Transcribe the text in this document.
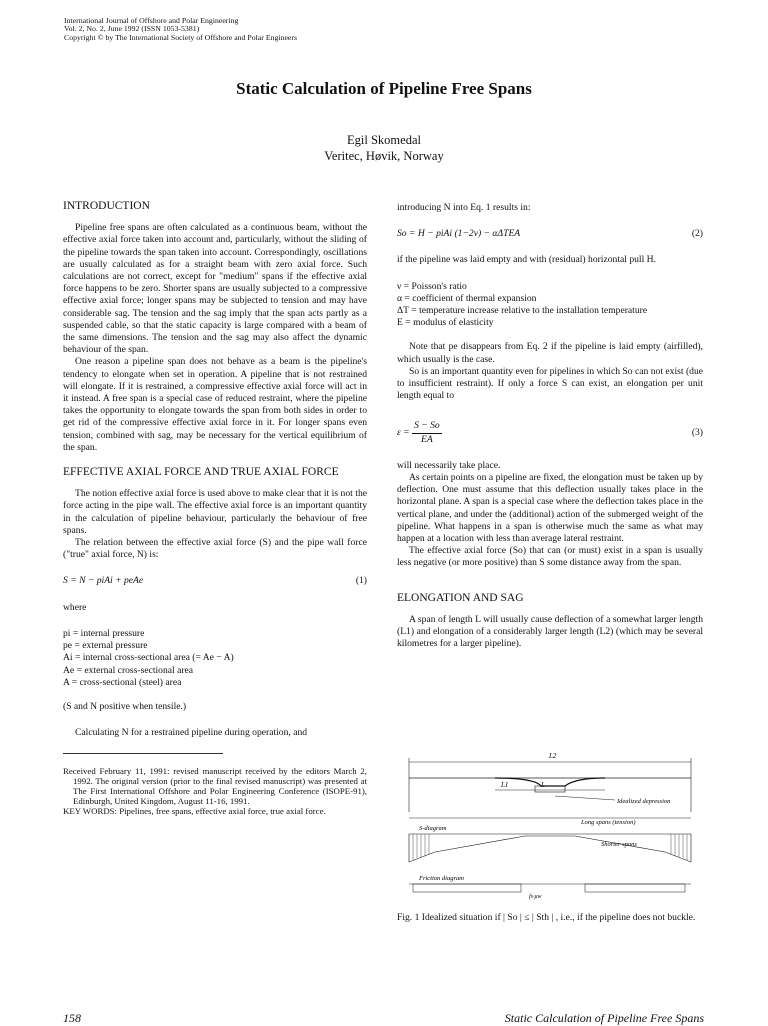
International Journal of Offshore and Polar Engineering
Vol. 2, No. 2, June 1992 (ISSN 1053-5381)
Copyright © by The International Society of Offshore and Polar Engineers
Static Calculation of Pipeline Free Spans
Egil Skomedal
Veritec, Høvik, Norway
INTRODUCTION

Pipeline free spans are often calculated as a continuous beam, without the effective axial force taken into account and, particularly, without the sliding of the pipeline towards the span taken into account. Correspondingly, oscillations are usually calculated as for a straight beam with zero axial force. Such calculations are not correct, except for "medium" spans if the effective axial force happens to be zero. Shorter spans are usually subjected to a compressive effective axial force; longer spans may be subjected to tension and may have considerable sag. The tension and the sag imply that the span acts partly as a suspended cable, so that the static capacity is large compared with a beam of the same dimensions. The tension and the sag may also affect the dynamic behaviour of the span.

One reason a pipeline span does not behave as a beam is the pipeline's tendency to elongate when set in operation. A pipeline that is not restrained will elongate. If it is restrained, a compressive effective axial force will act in it instead. A free span is a special case of reduced restraint, where the pipeline takes the opportunity to elongate towards the span from both sides in order to get rid of the compressive effective axial force in it. For longer spans even tension, combined with sag, may be necessary for the vertical equilibrium of the span.

EFFECTIVE AXIAL FORCE AND TRUE AXIAL FORCE

The notion effective axial force is used above to make clear that it is not the force acting in the pipe wall. The effective axial force is an important quantity in the calculation of pipeline behaviour, particularly the behaviour of free spans.

The relation between the effective axial force (S) and the pipe wall force ("true" axial force, N) is:

S = N − piAi + peAe	(1)

where

pi = internal pressure
pe = external pressure
Ai = internal cross-sectional area (= Ae − A)
Ae = external cross-sectional area
A = cross-sectional (steel) area

(S and N positive when tensile.)

Calculating N for a restrained pipeline during operation, and

Received February 11, 1991: revised manuscript received by the editors March 2, 1992. The original version (prior to the final revised manuscript) was presented at The First International Offshore and Polar Engineering Conference (ISOPE-91), Edinburgh, United Kingdom, August 11-16, 1991.

KEY WORDS: Pipelines, free spans, effective axial force, true axial force.

introducing N into Eq. 1 results in:

So = H − piAi (1−2ν) − αΔTEA	(2)

if the pipeline was laid empty and with (residual) horizontal pull H.

ν = Poisson's ratio
α = coefficient of thermal expansion
ΔT = temperature increase relative to the installation temperature
E = modulus of elasticity

Note that pe disappears from Eq. 2 if the pipeline is laid empty (airfilled), which usually is the case.

So is an important quantity even for pipelines in which So can not exist (due to insufficient restraint). If only a force S can exist, an elongation per unit length equal to

$\varepsilon = \frac{S - So}{EA}$	(3)

will necessarily take place.

As certain points on a pipeline are fixed, the elongation must be taken up by deflection. One must assume that this deflection usually takes place in the horizontal plane. A span is a special case where the deflection takes place in the vertical plane, and under the (additional) action of the submerged weight of the pipeline. What happens in a span is otherwise much the same as what may happen at a location with less than average lateral restraint.

The effective axial force (So) that can (or must) exist in a span is usually less negative (or more positive) than S some distance away from the span.

ELONGATION AND SAG

A span of length L will usually cause deflection of a somewhat larger length (L1) and elongation of a considerably larger length (L2) (which may be several kilometres for a larger pipeline).

L2
L1	L
Idealized depression
S-diagram
Long spans (tension)
Shorter spans
Friction diagram
fs·μw
Fig. 1 Idealized situation if | So | ≤ | Sth | , i.e., if the pipeline does not buckle.
158	Static Calculation of Pipeline Free Spans
